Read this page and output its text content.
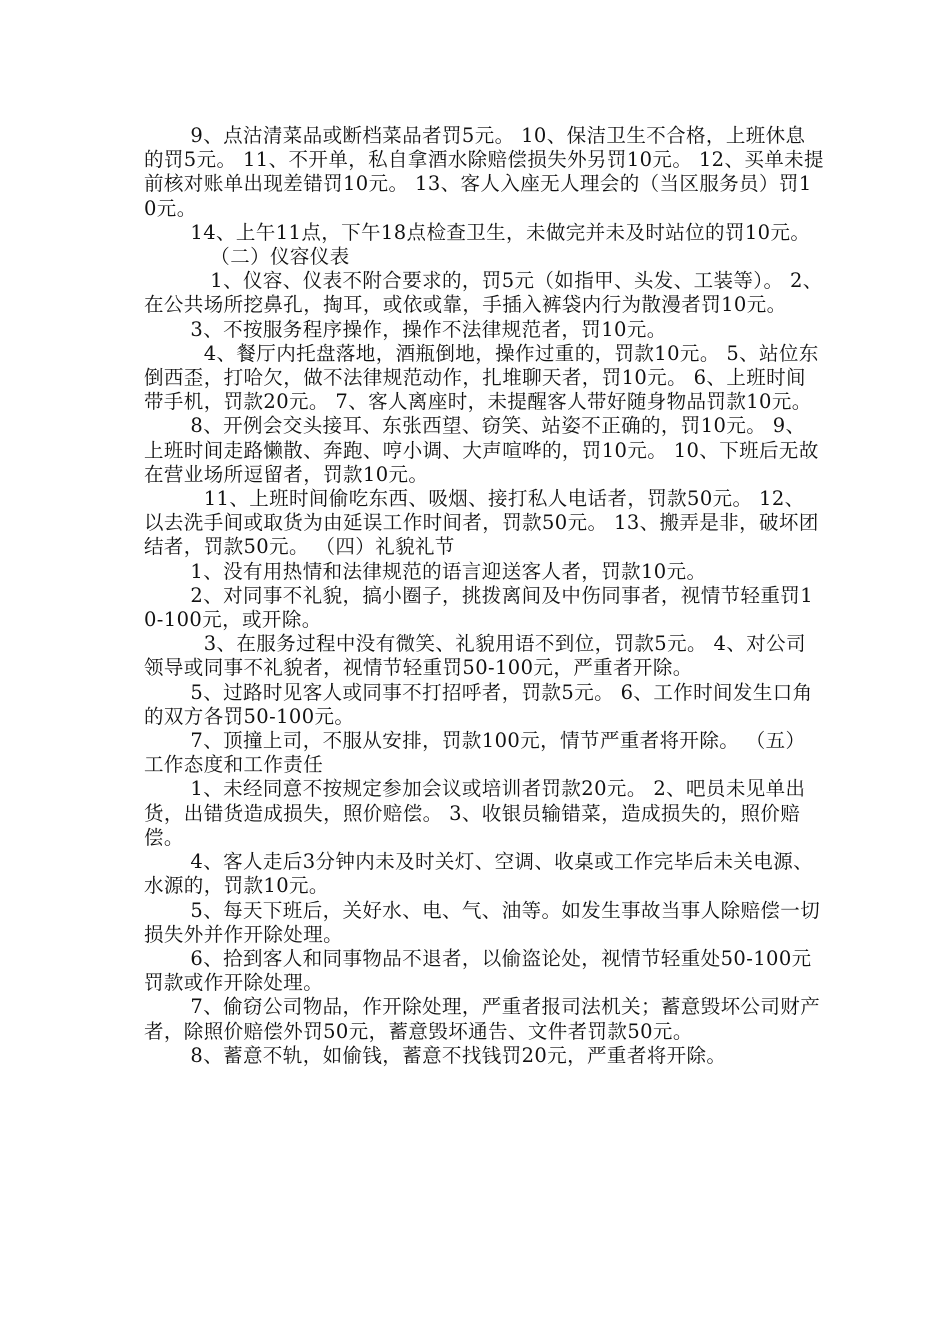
　　 9、点沽清菜品或断档菜品者罚5元。 10、保洁卫生不合格，上班休息的罚5元。 11、不开单，私自拿酒水除赔偿损失外另罚10元。 12、买单未提前核对账单出现差错罚10元。 13、客人入座无人理会的（当区服务员）罚10元。

　　 14、上午11点，下午18点检查卫生，未做完并未及时站位的罚10元。

　　　 （二）仪容仪表

　　　 1、仪容、仪表不附合要求的，罚5元（如指甲、头发、工装等）。 2、在公共场所挖鼻孔，掏耳，或依或靠，手插入裤袋内行为散漫者罚10元。

　　 3、不按服务程序操作，操作不法律规范者，罚10元。

　　　4、餐厅内托盘落地，酒瓶倒地，操作过重的，罚款10元。 5、站位东倒西歪，打哈欠，做不法律规范动作，扎堆聊天者，罚10元。 6、上班时间带手机，罚款20元。 7、客人离座时，未提醒客人带好随身物品罚款10元。

　　 8、开例会交头接耳、东张西望、窃笑、站姿不正确的，罚10元。 9、上班时间走路懒散、奔跑、哼小调、大声喧哗的，罚10元。 10、下班后无故在营业场所逗留者，罚款10元。

　　　11、上班时间偷吃东西、吸烟、接打私人电话者，罚款50元。 12、以去洗手间或取货为由延误工作时间者，罚款50元。 13、搬弄是非，破坏团结者，罚款50元。 （四）礼貌礼节

　　 1、没有用热情和法律规范的语言迎送客人者，罚款10元。

　　 2、对同事不礼貌，搞小圈子，挑拨离间及中伤同事者，视情节轻重罚10-100元，或开除。

　　　3、在服务过程中没有微笑、礼貌用语不到位，罚款5元。 4、对公司领导或同事不礼貌者，视情节轻重罚50-100元，严重者开除。

　　 5、过路时见客人或同事不打招呼者，罚款5元。 6、工作时间发生口角的双方各罚50-100元。

　　 7、顶撞上司，不服从安排，罚款100元，情节严重者将开除。 （五）工作态度和工作责任

　　 1、未经同意不按规定参加会议或培训者罚款20元。 2、吧员未见单出货，出错货造成损失，照价赔偿。 3、收银员输错菜，造成损失的，照价赔偿。

　　 4、客人走后3分钟内未及时关灯、空调、收桌或工作完毕后未关电源、水源的，罚款10元。

　　 5、每天下班后，关好水、电、气、油等。如发生事故当事人除赔偿一切损失外并作开除处理。

　　 6、拾到客人和同事物品不退者，以偷盗论处，视情节轻重处50-100元罚款或作开除处理。

　　 7、偷窃公司物品，作开除处理，严重者报司法机关；蓄意毁坏公司财产者，除照价赔偿外罚50元，蓄意毁坏通告、文件者罚款50元。

　　 8、蓄意不轨，如偷钱，蓄意不找钱罚20元，严重者将开除。
